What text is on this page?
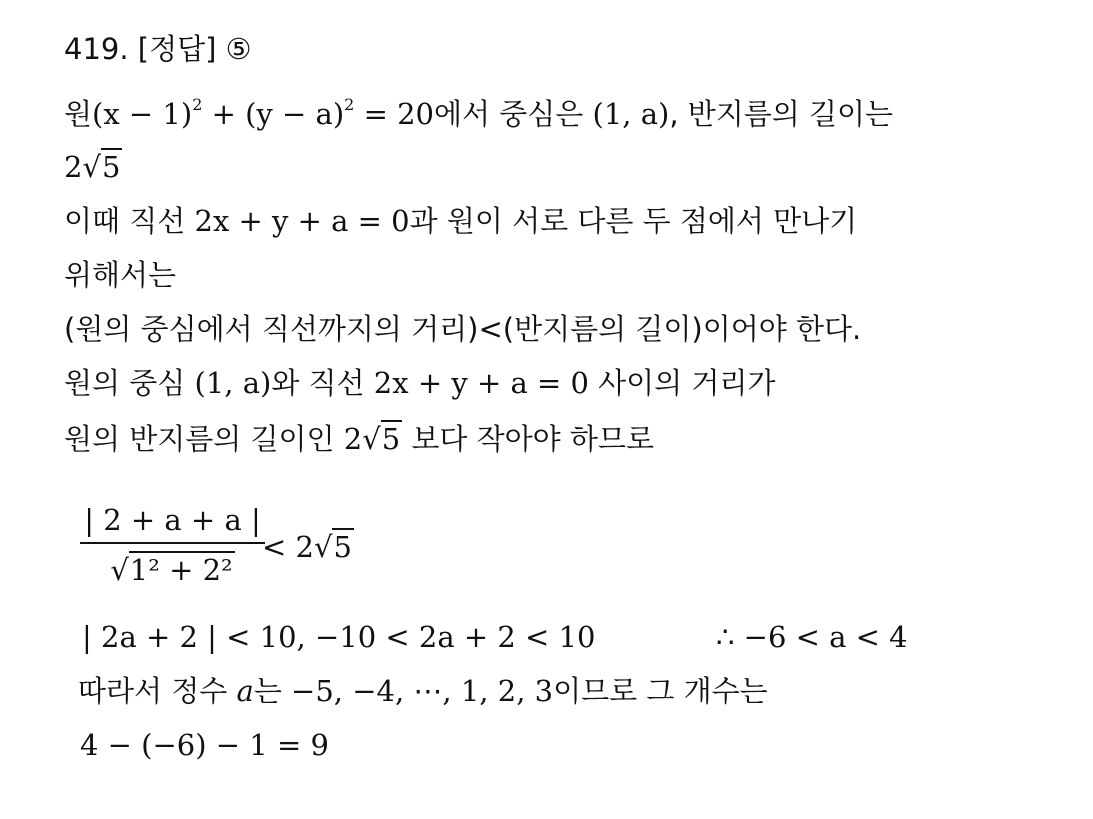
419. [정답] ⑤
원$(x - 1)^2 + (y - a)^2 = 20$에서 중심은 (1, a), 반지름의 길이는
2√5
이때 직선 2x + y + a = 0과 원이 서로 다른 두 점에서 만나기
위해서는
(원의 중심에서 직선까지의 거리)<(반지름의 길이)이어야 한다.
원의 중심 (1, a)와 직선 2x + y + a = 0 사이의 거리가
원의 반지름의 길이인 2√5 보다 작아야 하므로
| 2 + a + a |
√1² + 2²
< 2√5
| 2a + 2 | < 10, −10 < 2a + 2 < 10	∴ −6 < a < 4
따라서 정수 a는 −5, −4, ⋯, 1, 2, 3이므로 그 개수는
4 − (−6) − 1 = 9
